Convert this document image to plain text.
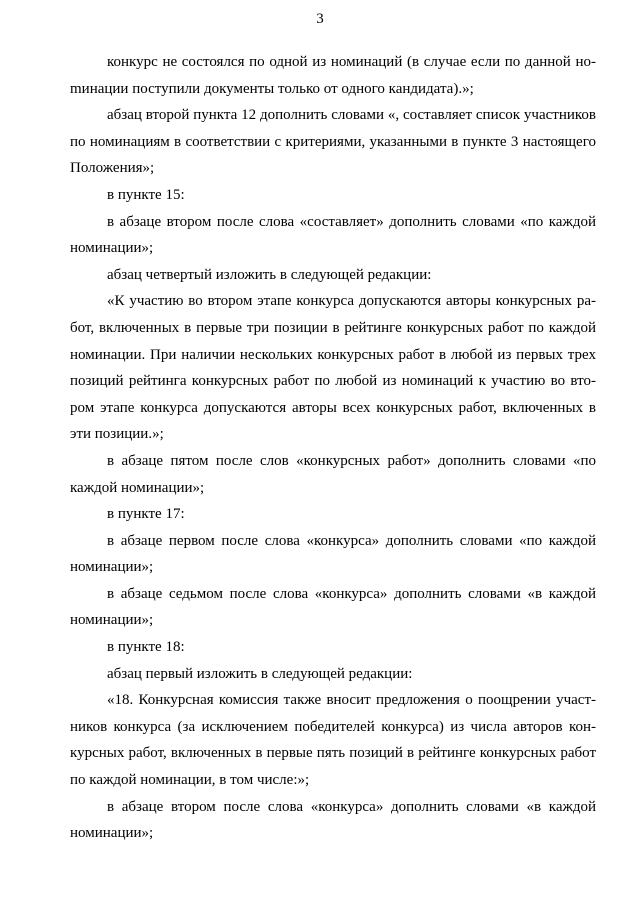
3

конкурс не состоялся по одной из номинаций (в случае если по данной ноmинации поступили документы только от одного кандидата).»;

абзац второй пункта 12 дополнить словами «, составляет список участников по номинациям в соответствии с критериями, указанными в пункте 3 настоящего Положения»;

в пункте 15:

в абзаце втором после слова «составляет» дополнить словами «по каждой номинации»;

абзац четвертый изложить в следующей редакции:

«К участию во втором этапе конкурса допускаются авторы конкурсных работ, включенных в первые три позиции в рейтинге конкурсных работ по каждой номинации. При наличии нескольких конкурсных работ в любой из первых трех позиций рейтинга конкурсных работ по любой из номинаций к участию во втором этапе конкурса допускаются авторы всех конкурсных работ, включенных в эти позиции.»;

в абзаце пятом после слов «конкурсных работ» дополнить словами «по каждой номинации»;

в пункте 17:

в абзаце первом после слова «конкурса» дополнить словами «по каждой номинации»;

в абзаце седьмом после слова «конкурса» дополнить словами «в каждой номинации»;

в пункте 18:

абзац первый изложить в следующей редакции:

«18. Конкурсная комиссия также вносит предложения о поощрении участников конкурса (за исключением победителей конкурса) из числа авторов конкурсных работ, включенных в первые пять позиций в рейтинге конкурсных работ по каждой номинации, в том числе:»;

в абзаце втором после слова «конкурса» дополнить словами «в каждой номинации»;
